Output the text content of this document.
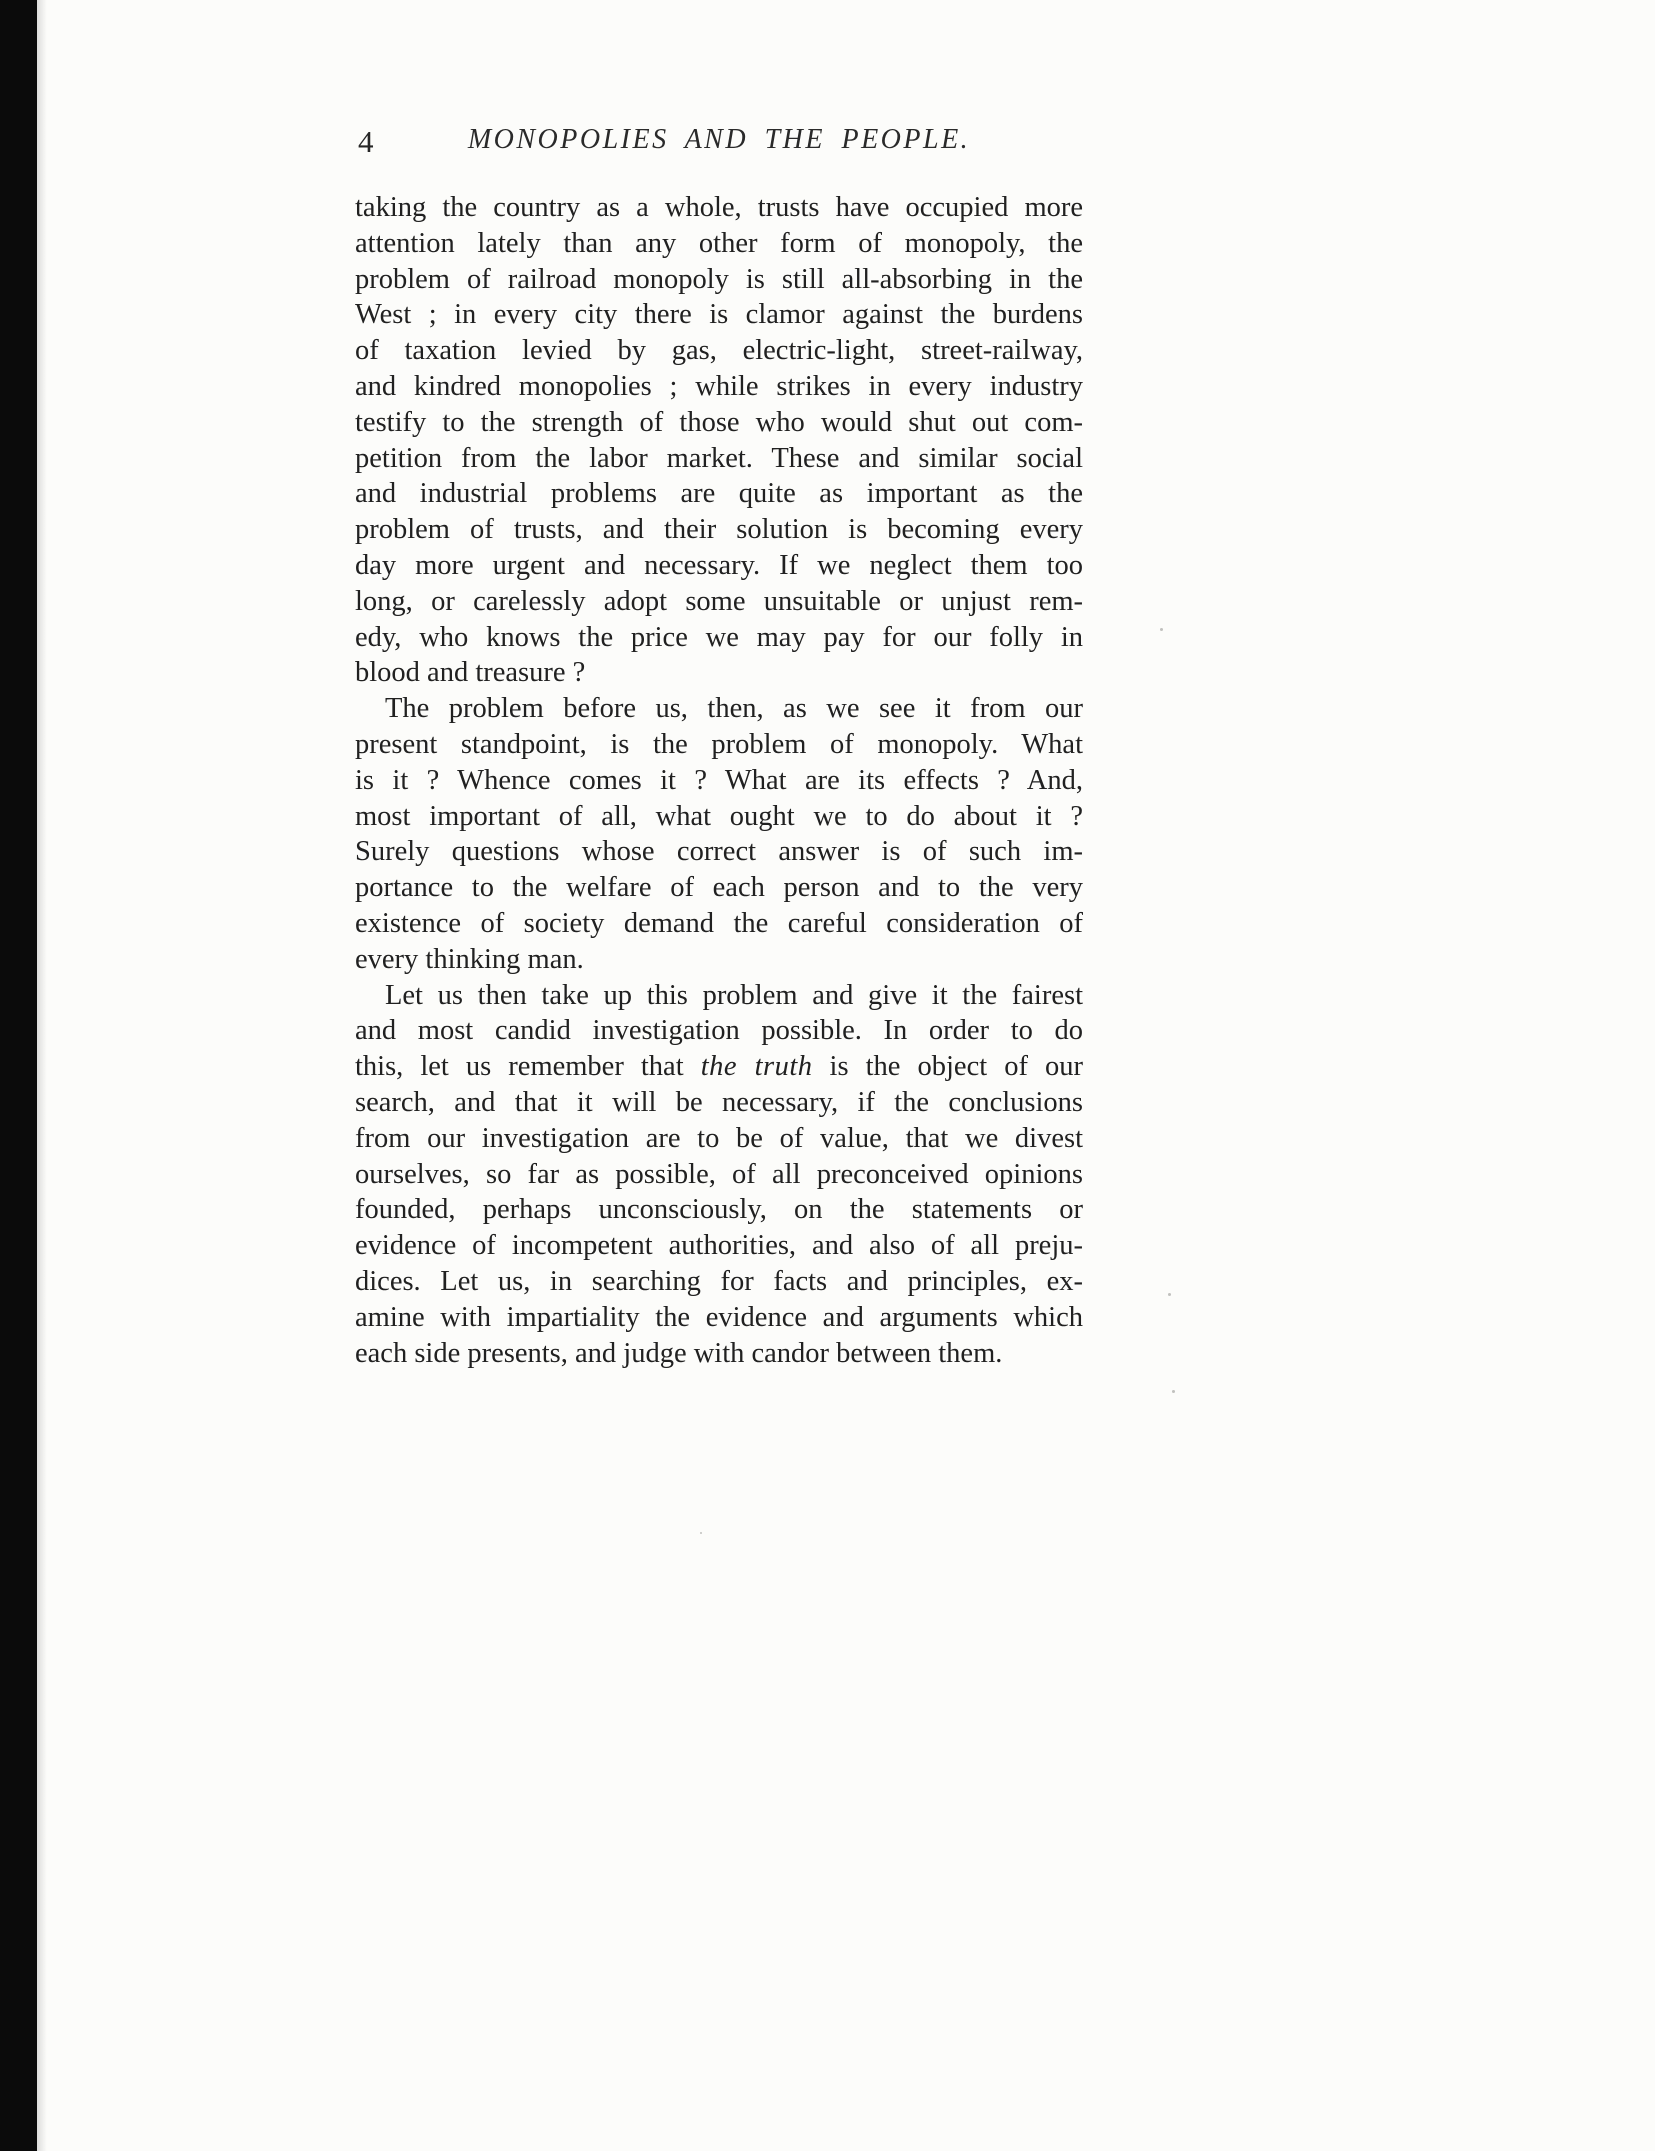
4	MONOPOLIES AND THE PEOPLE.
taking the country as a whole, trusts have occupied more
attention lately than any other form of monopoly, the
problem of railroad monopoly is still all-absorbing in the
West ; in every city there is clamor against the burdens
of taxation levied by gas, electric-light, street-railway,
and kindred monopolies ; while strikes in every industry
testify to the strength of those who would shut out com-
petition from the labor market. These and similar social
and industrial problems are quite as important as the
problem of trusts, and their solution is becoming every
day more urgent and necessary. If we neglect them too
long, or carelessly adopt some unsuitable or unjust rem-
edy, who knows the price we may pay for our folly in
blood and treasure ?
The problem before us, then, as we see it from our
present standpoint, is the problem of monopoly. What
is it ? Whence comes it ? What are its effects ? And,
most important of all, what ought we to do about it ?
Surely questions whose correct answer is of such im-
portance to the welfare of each person and to the very
existence of society demand the careful consideration of
every thinking man.
Let us then take up this problem and give it the fairest
and most candid investigation possible. In order to do
this, let us remember that the truth is the object of our
search, and that it will be necessary, if the conclusions
from our investigation are to be of value, that we divest
ourselves, so far as possible, of all preconceived opinions
founded, perhaps unconsciously, on the statements or
evidence of incompetent authorities, and also of all preju-
dices. Let us, in searching for facts and principles, ex-
amine with impartiality the evidence and arguments which
each side presents, and judge with candor between them.
